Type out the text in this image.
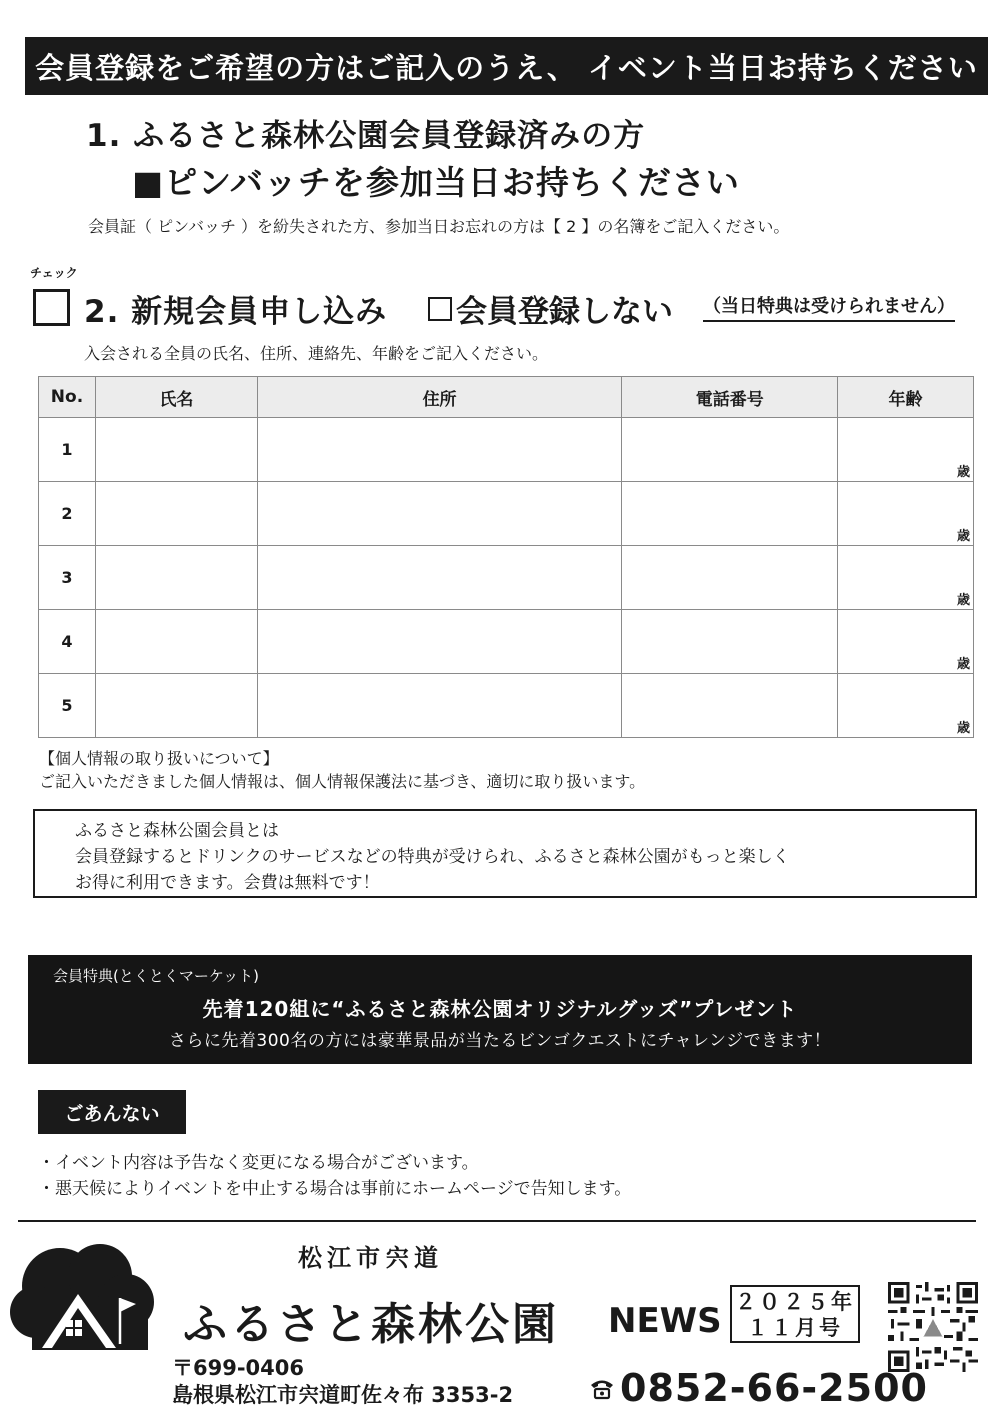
会員登録をご希望の方はご記入のうえ、 イベント当日お持ちください
1. ふるさと森林公園会員登録済みの方
■ピンバッチを参加当日お持ちください
会員証（ ピンバッチ ）を紛失された方、参加当日お忘れの方は【 2 】の名簿をご記入ください。
チェック
2. 新規会員申し込み 会員登録しない （当日特典は受けられません）
入会される全員の氏名、住所、連絡先、年齢をご記入ください。
No.	氏名	住所	電話番号	年齢
1				歳
2				歳
3				歳
4				歳
5				歳
【個人情報の取り扱いについて】
ご記入いただきました個人情報は、個人情報保護法に基づき、適切に取り扱います。
ふるさと森林公園会員とは
会員登録するとドリンクのサービスなどの特典が受けられ、ふるさと森林公園がもっと楽しく
お得に利用できます。会費は無料です！
会員特典(とくとくマーケット)
先着120組に“ふるさと森林公園オリジナルグッズ”プレゼント
さらに先着300名の方には豪華景品が当たるビンゴクエストにチャレンジできます！
ごあんない
・イベント内容は予告なく変更になる場合がございます。
・悪天候によりイベントを中止する場合は事前にホームページで告知します。
松江市宍道
ふるさと森林公園 NEWS ２０２５年
１１月号
〒699-0406
島根県松江市宍道町佐々布 3353-2	0852-66-2500
